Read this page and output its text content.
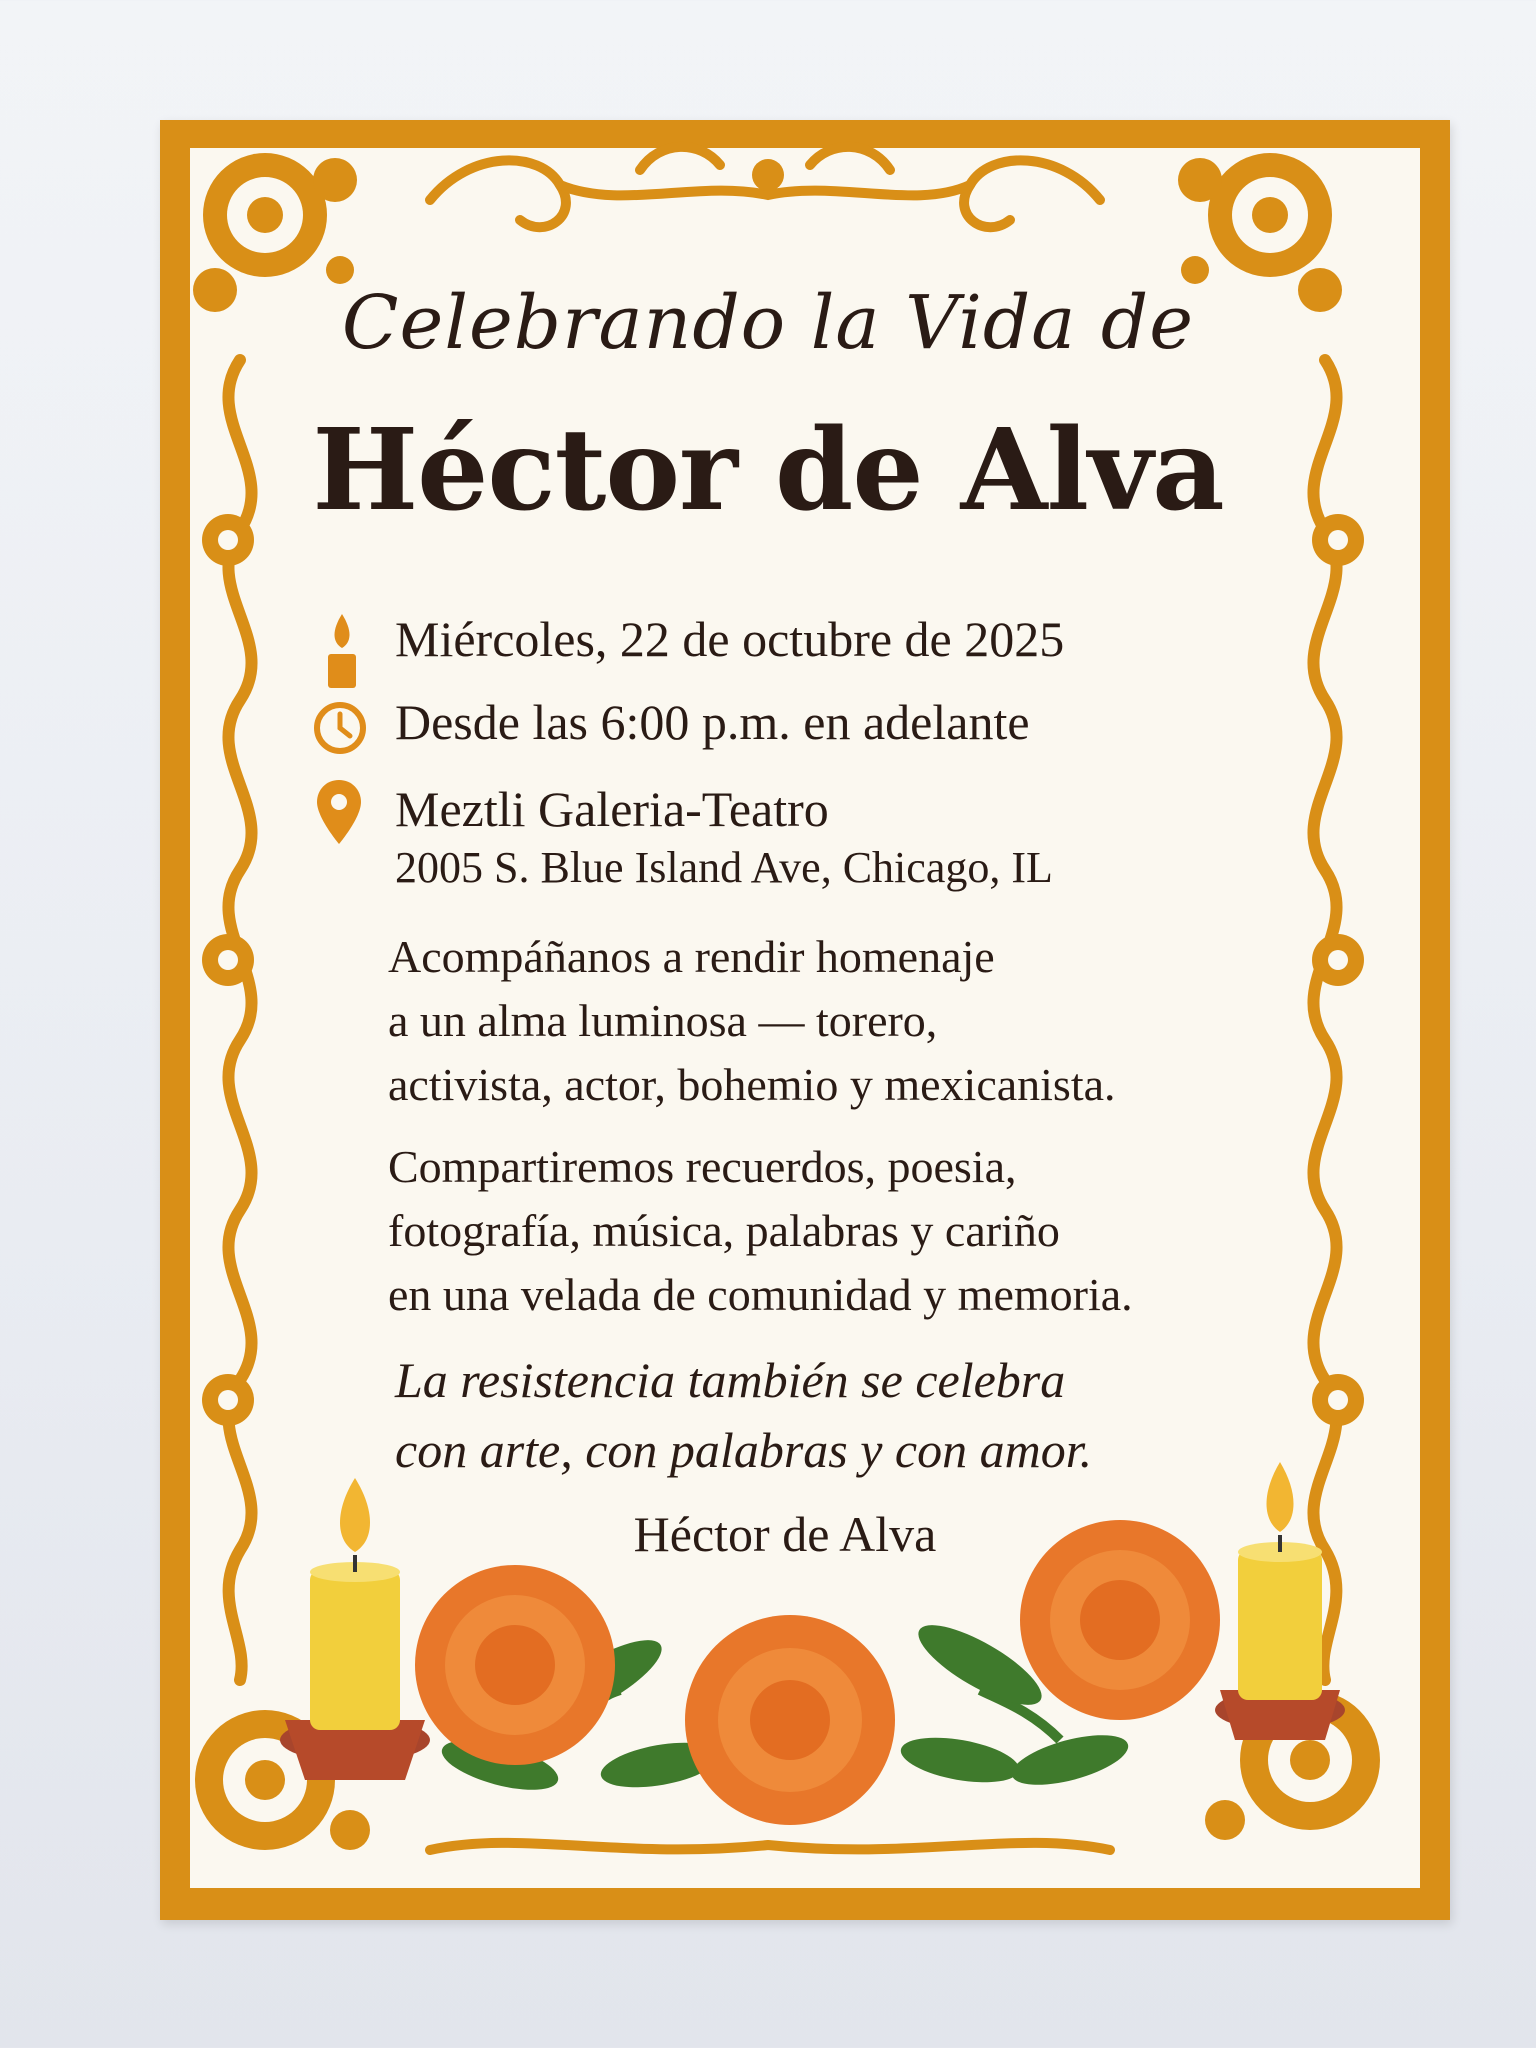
Celebrando la Vida de
Héctor de Alva
Miércoles, 22 de octubre de 2025
Desde las 6:00 p.m. en adelante
Meztli Galeria-Teatro
2005 S. Blue Island Ave, Chicago, IL
Acompáñanos a rendir homenaje
a un alma luminosa — torero,
activista, actor, bohemio y mexicanista.
Compartiremos recuerdos, poesia,
fotografía, música, palabras y cariño
en una velada de comunidad y memoria.
La resistencia también se celebra
con arte, con palabras y con amor.
Héctor de Alva
